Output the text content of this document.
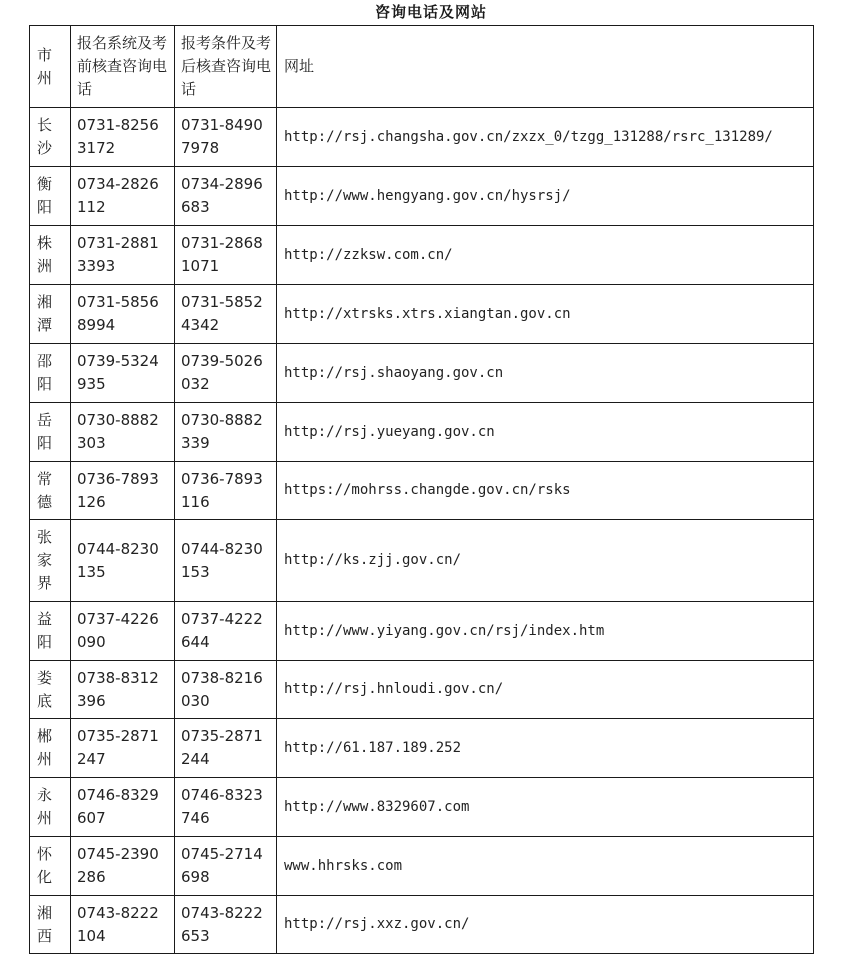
咨询电话及网站
市州	报名系统及考前核查咨询电话	报考条件及考后核查咨询电话	网址

长沙	0731-82563172	0731-84907978	http://rsj.changsha.gov.cn/zxzx_0/tzgg_131288/rsrc_131289/

衡阳	0734-2826112	0734-2896683	http://www.hengyang.gov.cn/hysrsj/

株洲	0731-28813393	0731-28681071	http://zzksw.com.cn/

湘潭	0731-58568994	0731-58524342	http://xtrsks.xtrs.xiangtan.gov.cn

邵阳	0739-5324935	0739-5026032	http://rsj.shaoyang.gov.cn

岳阳	0730-8882303	0730-8882339	http://rsj.yueyang.gov.cn

常德	0736-7893126	0736-7893116	https://mohrss.changde.gov.cn/rsks

张家界	0744-8230135	0744-8230153	http://ks.zjj.gov.cn/

益阳	0737-4226090	0737-4222644	http://www.yiyang.gov.cn/rsj/index.htm

娄底	0738-8312396	0738-8216030	http://rsj.hnloudi.gov.cn/

郴州	0735-2871247	0735-2871244	http://61.187.189.252

永州	0746-8329607	0746-8323746	http://www.8329607.com

怀化	0745-2390286	0745-2714698	www.hhrsks.com

湘西	0743-8222104	0743-8222653	http://rsj.xxz.gov.cn/
